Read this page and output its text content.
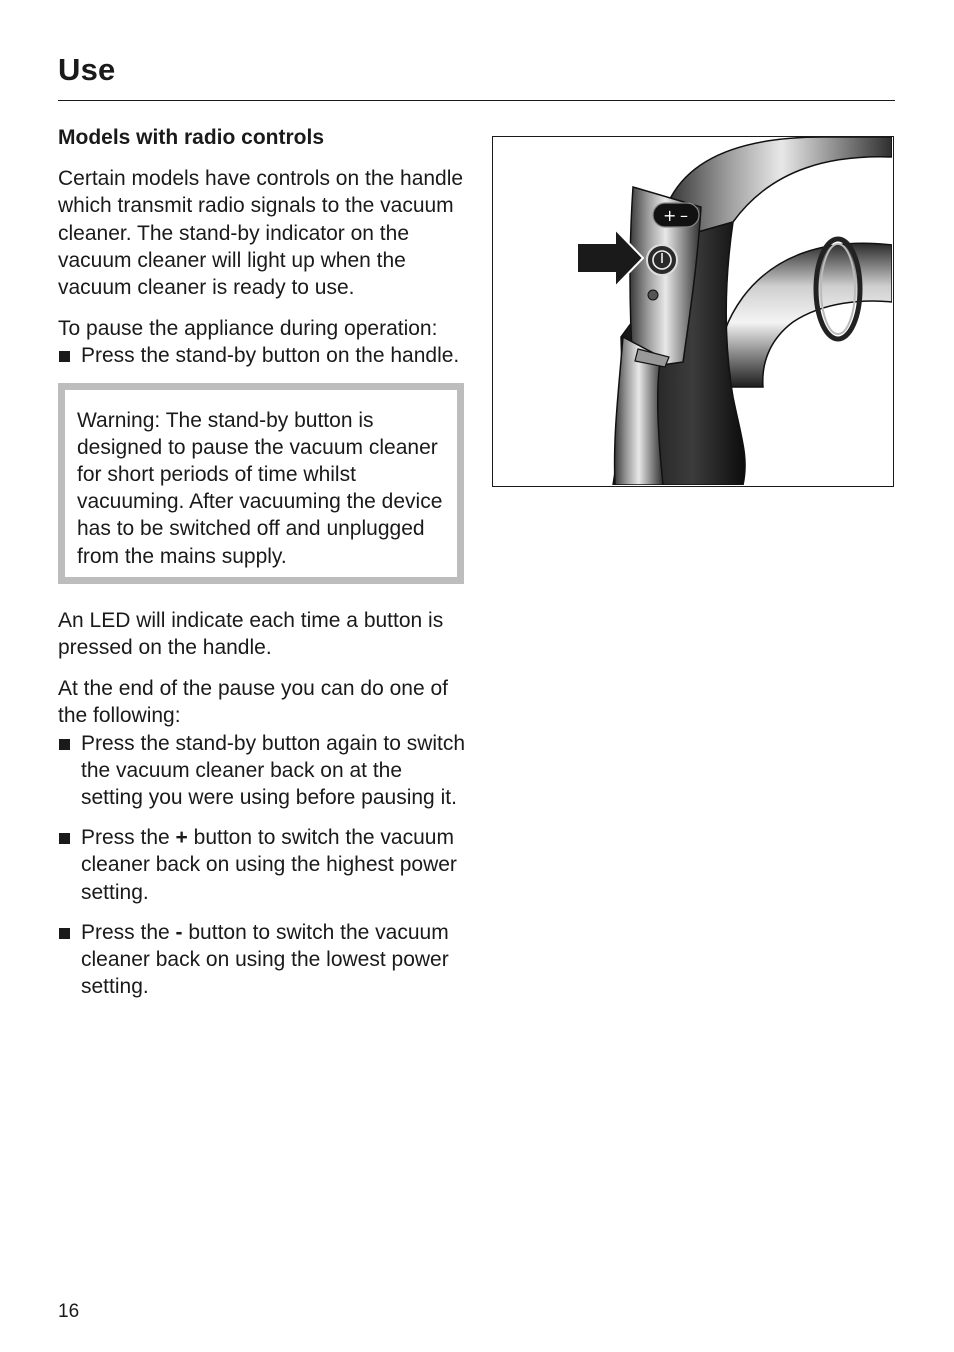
Use
Models with radio controls

Certain models have controls on the handle which transmit radio signals to the vacuum cleaner. The stand-by indicator on the vacuum cleaner will light up when the vacuum cleaner is ready to use.

To pause the appliance during operation:

Press the stand-by button on the handle.
Warning: The stand-by button is designed to pause the vacuum cleaner for short periods of time whilst vacuuming. After vacuuming the device has to be switched off and unplugged from the mains supply.

An LED will indicate each time a button is pressed on the handle.

At the end of the pause you can do one of the following:

Press the stand-by button again to switch the vacuum cleaner back on at the setting you were using before pausing it.
Press the + button to switch the vacuum cleaner back on using the highest power setting.
Press the - button to switch the vacuum cleaner back on using the lowest power setting.
+ –
16
